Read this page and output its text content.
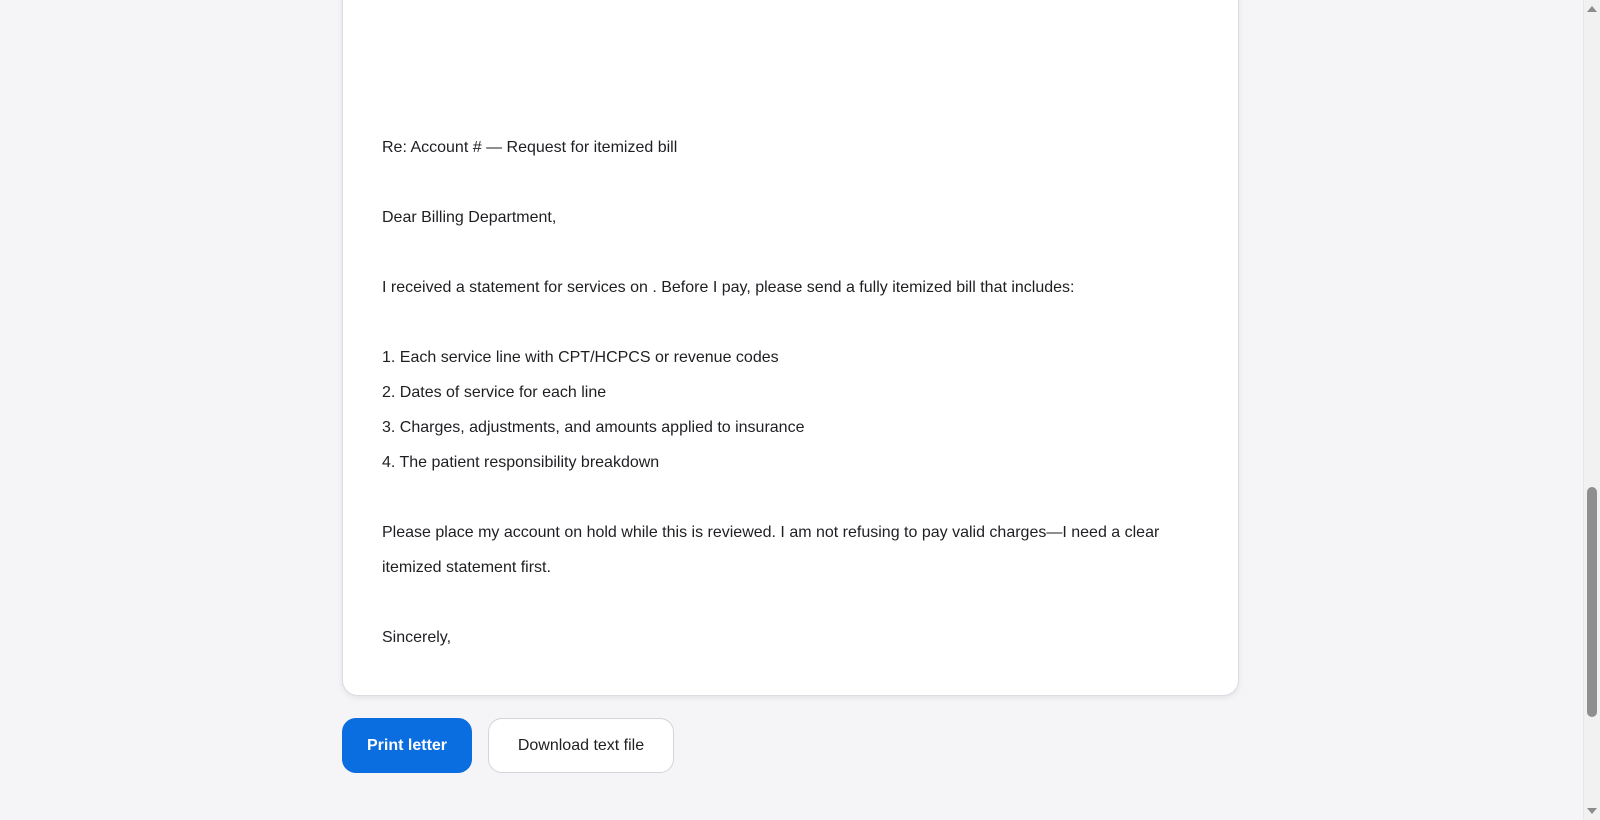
Re: Account # — Request for itemized bill
Dear Billing Department,
I received a statement for services on . Before I pay, please send a fully itemized bill that includes:
1. Each service line with CPT/HCPCS or revenue codes
2. Dates of service for each line
3. Charges, adjustments, and amounts applied to insurance
4. The patient responsibility breakdown
Please place my account on hold while this is reviewed. I am not refusing to pay valid charges—I need a clear
itemized statement first.
Sincerely,
Print letter	Download text file
